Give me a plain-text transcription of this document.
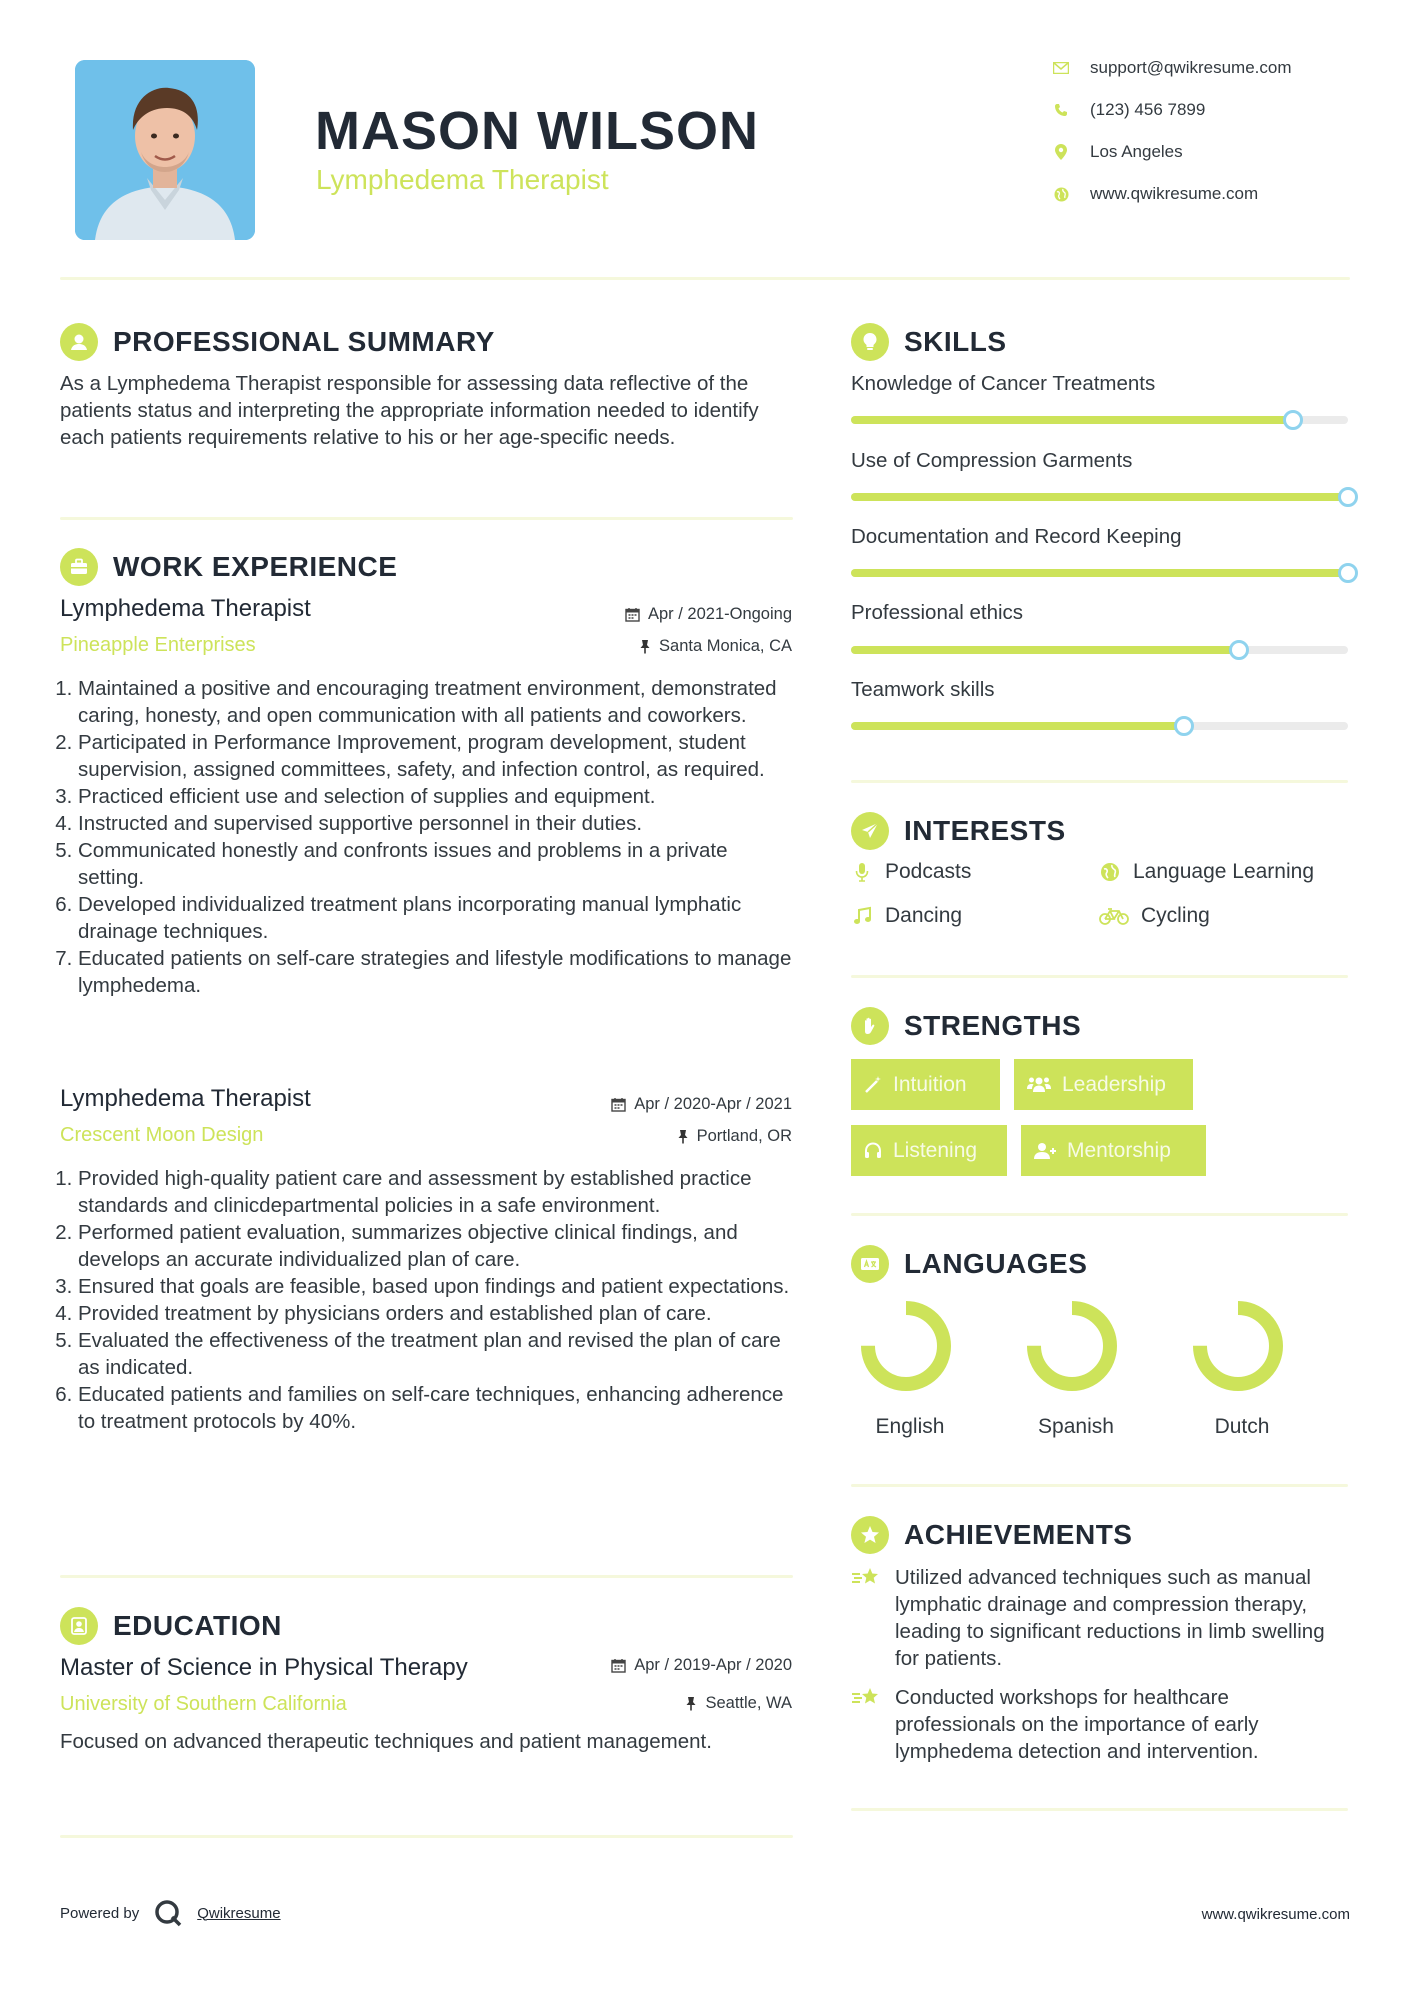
MASON WILSON
Lymphedema Therapist
support@qwikresume.com
(123) 456 7899
Los Angeles
www.qwikresume.com
PROFESSIONAL SUMMARY
As a Lymphedema Therapist responsible for assessing data reflective of the patients status and interpreting the appropriate information needed to identify each patients requirements relative to his or her age-specific needs.
WORK EXPERIENCE
Lymphedema Therapist	Apr / 2021-Ongoing
Pineapple Enterprises	Santa Monica, CA
1. Maintained a positive and encouraging treatment environment, demonstrated caring, honesty, and open communication with all patients and coworkers.
2. Participated in Performance Improvement, program development, student supervision, assigned committees, safety, and infection control, as required.
3. Practiced efficient use and selection of supplies and equipment.
4. Instructed and supervised supportive personnel in their duties.
5. Communicated honestly and confronts issues and problems in a private setting.
6. Developed individualized treatment plans incorporating manual lymphatic drainage techniques.
7. Educated patients on self-care strategies and lifestyle modifications to manage lymphedema.
Lymphedema Therapist	Apr / 2020-Apr / 2021
Crescent Moon Design	Portland, OR
1. Provided high-quality patient care and assessment by established practice standards and clinicdepartmental policies in a safe environment.
2. Performed patient evaluation, summarizes objective clinical findings, and develops an accurate individualized plan of care.
3. Ensured that goals are feasible, based upon findings and patient expectations.
4. Provided treatment by physicians orders and established plan of care.
5. Evaluated the effectiveness of the treatment plan and revised the plan of care as indicated.
6. Educated patients and families on self-care techniques, enhancing adherence to treatment protocols by 40%.
EDUCATION
Master of Science in Physical Therapy	Apr / 2019-Apr / 2020
University of Southern California	Seattle, WA
Focused on advanced therapeutic techniques and patient management.
SKILLS
Knowledge of Cancer Treatments
Use of Compression Garments
Documentation and Record Keeping
Professional ethics
Teamwork skills
INTERESTS
Podcasts	Language Learning
Dancing	Cycling
STRENGTHS
Intuition	Leadership
Listening	Mentorship
LANGUAGES
English	Spanish	Dutch
ACHIEVEMENTS
Utilized advanced techniques such as manual lymphatic drainage and compression therapy, leading to significant reductions in limb swelling for patients.
Conducted workshops for healthcare professionals on the importance of early lymphedema detection and intervention.
Powered by	Qwikresume	www.qwikresume.com
